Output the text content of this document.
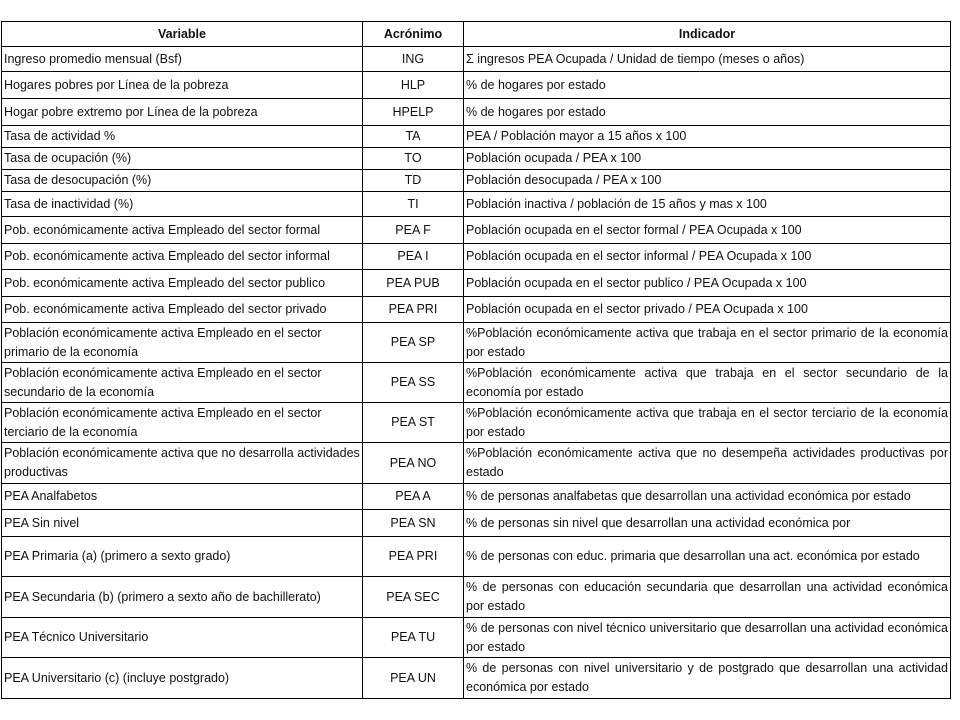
Variable	Acrónimo	Indicador
Ingreso promedio mensual (Bsf)	ING	Σ ingresos PEA Ocupada / Unidad de tiempo (meses o años)
Hogares pobres por Línea de la pobreza	HLP	% de hogares por estado
Hogar pobre extremo por Línea de la pobreza	HPELP	% de hogares por estado
Tasa de actividad %	TA	PEA / Población mayor a 15 años x 100
Tasa de ocupación (%)	TO	Población ocupada / PEA x 100
Tasa de desocupación (%)	TD	Población desocupada / PEA x 100
Tasa de inactividad (%)	TI	Población inactiva / población de 15 años y mas x 100
Pob. económicamente activa Empleado del sector formal	PEA F	Población ocupada en el sector formal / PEA Ocupada x 100
Pob. económicamente activa Empleado del sector informal	PEA I	Población ocupada en el sector informal / PEA Ocupada x 100
Pob. económicamente activa Empleado del sector publico	PEA PUB	Población ocupada en el sector publico / PEA Ocupada x 100
Pob. económicamente activa Empleado del sector privado	PEA PRI	Población ocupada en el sector privado / PEA Ocupada x 100
Población económicamente activa Empleado en el sector primario de la economía	PEA SP	%Población económicamente activa que trabaja en el sector primario de la economía por estado
Población económicamente activa Empleado en el sector secundario de la economía	PEA SS	%Población económicamente activa que trabaja en el sector secundario de la economía por estado
Población económicamente activa Empleado en el sector terciario de la economía	PEA ST	%Población económicamente activa que trabaja en el sector terciario de la economía por estado
Población económicamente activa que no desarrolla actividades productivas	PEA NO	%Población económicamente activa que no desempeña actividades productivas por estado
PEA Analfabetos	PEA A	% de personas analfabetas que desarrollan una actividad económica por estado
PEA Sin nivel	PEA SN	% de personas sin nivel que desarrollan una actividad económica por
PEA Primaria (a) (primero a sexto grado)	PEA PRI	% de personas con educ. primaria que desarrollan una act. económica por estado
PEA Secundaria (b) (primero a sexto año de bachillerato)	PEA SEC	% de personas con educación secundaria que desarrollan una actividad económica por estado
PEA Técnico Universitario	PEA TU	% de personas con nivel técnico universitario que desarrollan una actividad económica por estado
PEA Universitario (c) (incluye postgrado)	PEA UN	% de personas con nivel universitario y de postgrado que desarrollan una actividad económica por estado
